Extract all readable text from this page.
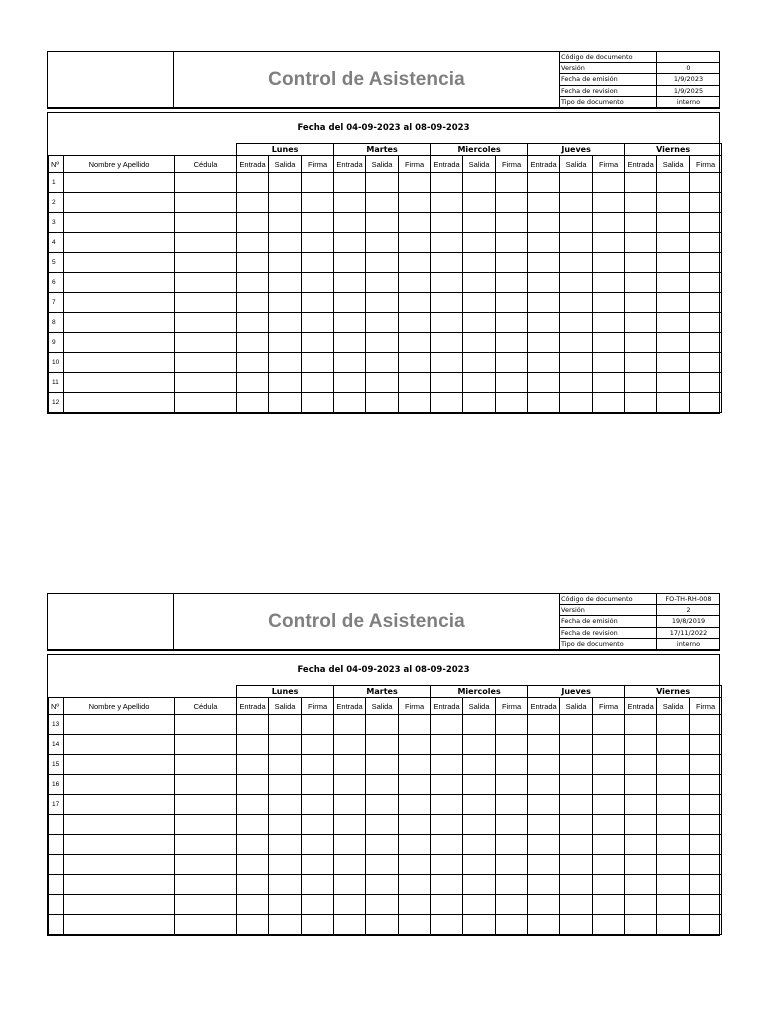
Control de Asistencia
Código de documento
Versión	0
Fecha de emisión	1/9/2023
Fecha de revision	1/9/2025
Tipo de documento	interno
Fecha del 04-09-2023 al 08-09-2023
			Lunes			Martes			Miercoles			Jueves			Viernes		
Nº	Nombre y Apellido	Cédula	Entrada	Salida	Firma	Entrada	Salida	Firma	Entrada	Salida	Firma	Entrada	Salida	Firma	Entrada	Salida	Firma
1																	
2																	
3																	
4																	
5																	
6																	
7																	
8																	
9																	
10																	
11																	
12																	
Control de Asistencia
Código de documento	FO-TH-RH-008
Versión	2
Fecha de emisión	19/8/2019
Fecha de revision	17/11/2022
Tipo de documento	interno
Fecha del 04-09-2023 al 08-09-2023
			Lunes			Martes			Miercoles			Jueves			Viernes		
Nº	Nombre y Apellido	Cédula	Entrada	Salida	Firma	Entrada	Salida	Firma	Entrada	Salida	Firma	Entrada	Salida	Firma	Entrada	Salida	Firma
13																	
14																	
15																	
16																	
17																	
